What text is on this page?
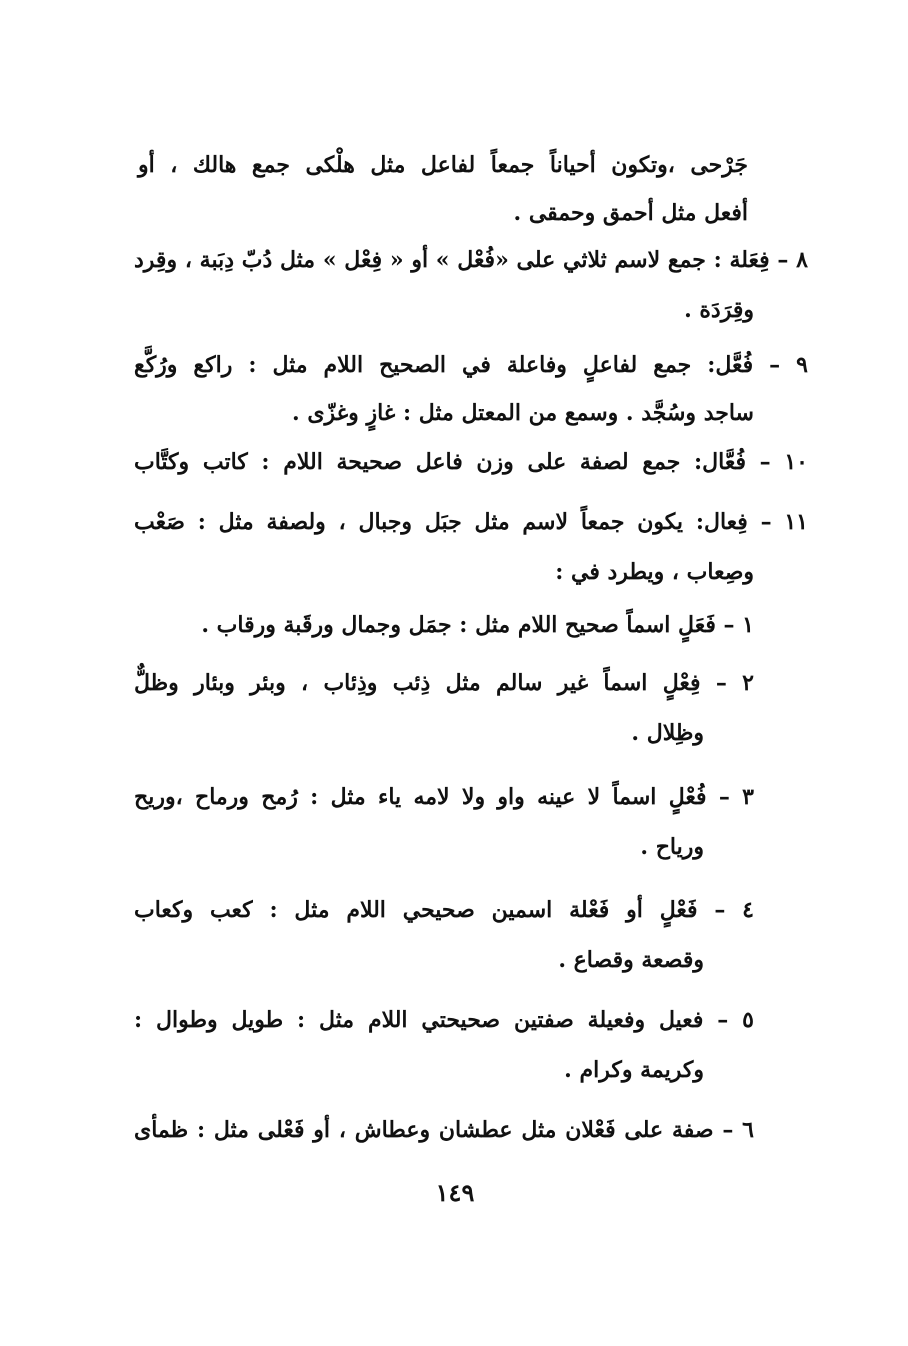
جَرْحى ،وتكون أحياناً جمعاً لفاعل مثل هلْكى جمع هالك ، أو
أفعل مثل أحمق وحمقى .
٨ – فِعَلة : جمع لاسم ثلاثي على «فُعْل » أو « فِعْل » مثل دُبّ دِبَبة ، وقِرد
وقِرَدَة .
٩ – فُعَّل: جمع لفاعلٍ وفاعلة في الصحيح اللام مثل : راكع ورُكَّع
ساجد وسُجَّد . وسمع من المعتل مثل : غازٍ وغزّى .
١٠ – فُعَّال: جمع لصفة على وزن فاعل صحيحة اللام : كاتب وكتَّاب
١١ – فِعال: يكون جمعاً لاسم مثل جبَل وجبال ، ولصفة مثل : صَعْب
وصِعاب ، ويطرد في :
١ – فَعَلٍ اسماً صحيح اللام مثل : جمَل وجمال ورقَبة ورقاب .
٢ – فِعْلٍ اسماً غير سالم مثل ذِئب وذِئاب ، وبئر وبئار وظلٌّ
وظِلال .
٣ – فُعْلٍ اسماً لا عينه واو ولا لامه ياء مثل : رُمح ورماح ،وريح
ورياح .
٤ – فَعْلٍ أو فَعْلة اسمين صحيحي اللام مثل : كعب وكعاب
وقصعة وقصاع .
٥ – فعيل وفعيلة صفتين صحيحتي اللام مثل : طويل وطوال :
وكريمة وكرام .
٦ – صفة على فَعْلان مثل عطشان وعطاش ، أو فَعْلى مثل : ظمأى
١٤٩
